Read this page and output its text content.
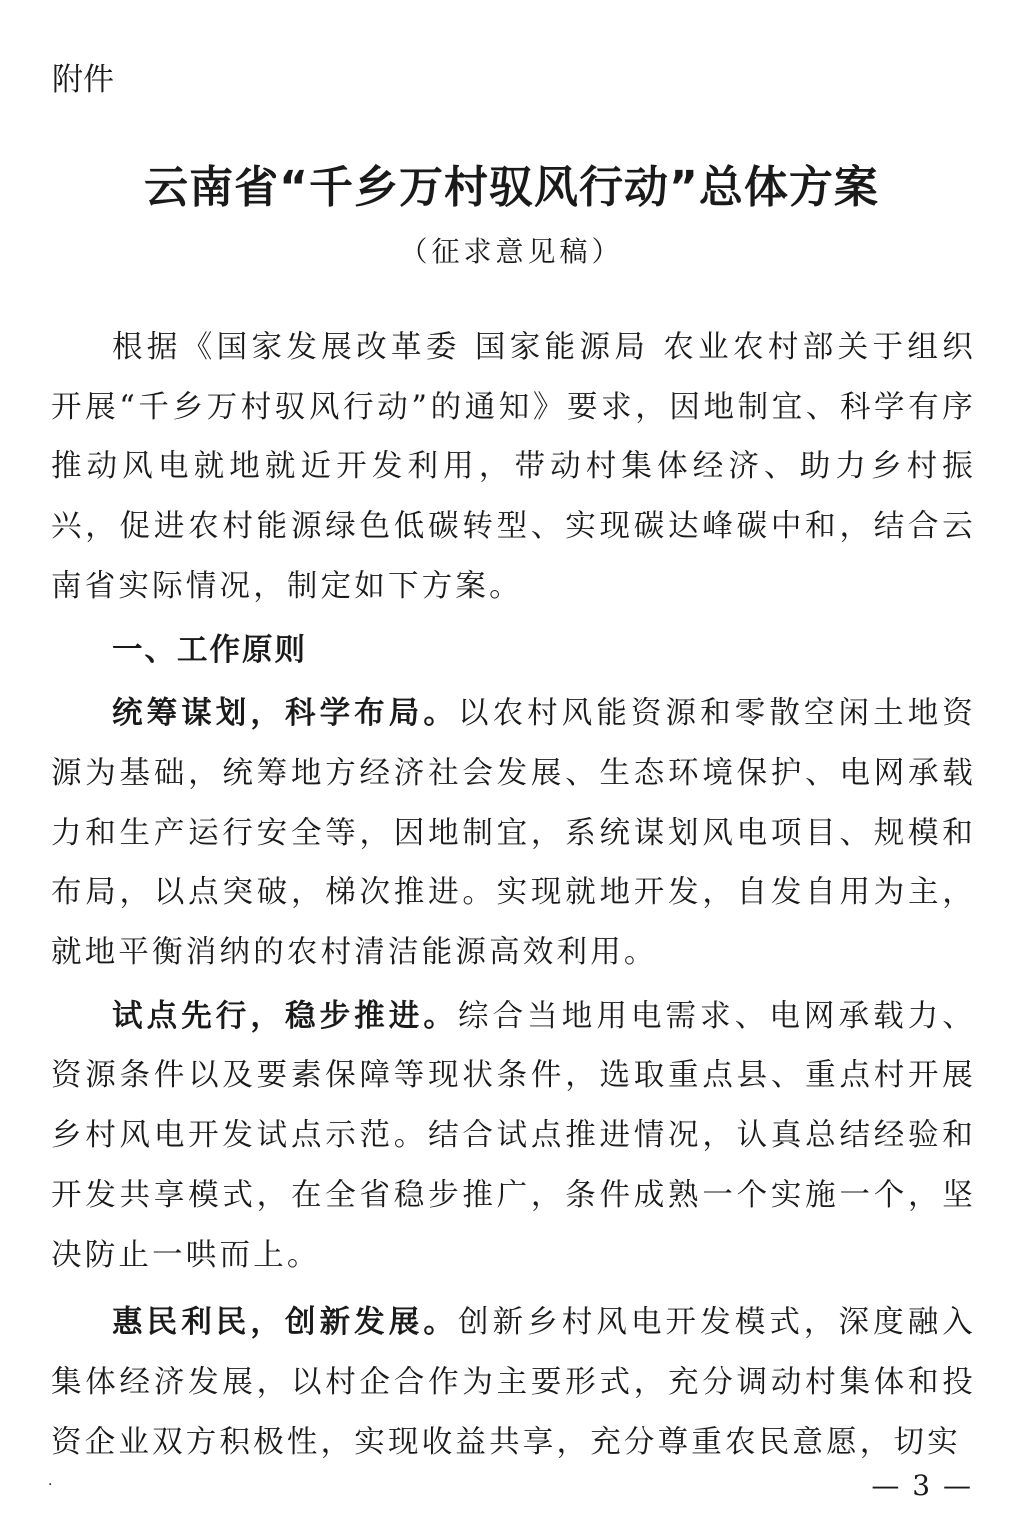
附件
云南省“千乡万村驭风行动”总体方案
（征求意见稿）

根据《国家发展改革委 国家能源局 农业农村部关于组织开展“千乡万村驭风行动”的通知》要求，因地制宜、科学有序推动风电就地就近开发利用，带动村集体经济、助力乡村振兴，促进农村能源绿色低碳转型、实现碳达峰碳中和，结合云南省实际情况，制定如下方案。

一、工作原则

统筹谋划，科学布局。以农村风能资源和零散空闲土地资源为基础，统筹地方经济社会发展、生态环境保护、电网承载力和生产运行安全等，因地制宜，系统谋划风电项目、规模和布局，以点突破，梯次推进。实现就地开发，自发自用为主，就地平衡消纳的农村清洁能源高效利用。

试点先行，稳步推进。综合当地用电需求、电网承载力、资源条件以及要素保障等现状条件，选取重点县、重点村开展乡村风电开发试点示范。结合试点推进情况，认真总结经验和开发共享模式，在全省稳步推广，条件成熟一个实施一个，坚决防止一哄而上。

惠民利民，创新发展。创新乡村风电开发模式，深度融入集体经济发展，以村企合作为主要形式，充分调动村集体和投资企业双方积极性，实现收益共享，充分尊重农民意愿，切实

·	— 3 —
